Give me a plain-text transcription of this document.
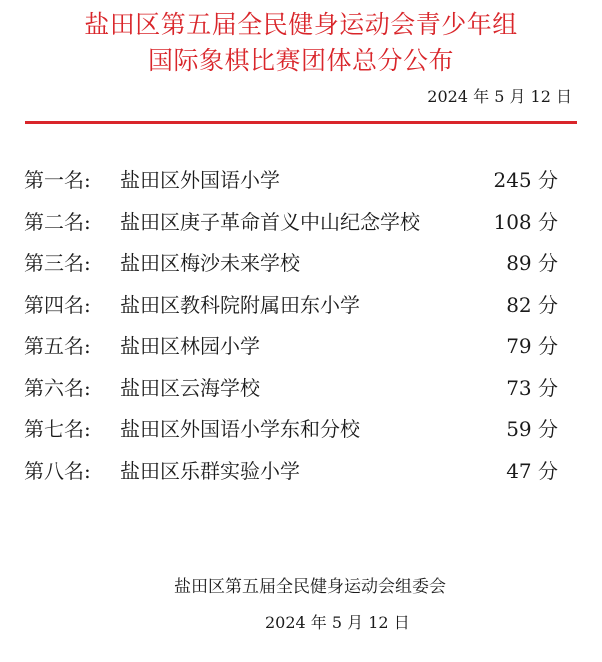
盐田区第五届全民健身运动会青少年组
国际象棋比赛团体总分公布
2024 年 5 月 12 日
第一名: 盐田区外国语小学	245 分
第二名: 盐田区庚子革命首义中山纪念学校	108 分
第三名: 盐田区梅沙未来学校	89 分
第四名: 盐田区教科院附属田东小学	82 分
第五名: 盐田区林园小学	79 分
第六名: 盐田区云海学校	73 分
第七名: 盐田区外国语小学东和分校	59 分
第八名: 盐田区乐群实验小学	47 分
盐田区第五届全民健身运动会组委会
2024 年 5 月 12 日
